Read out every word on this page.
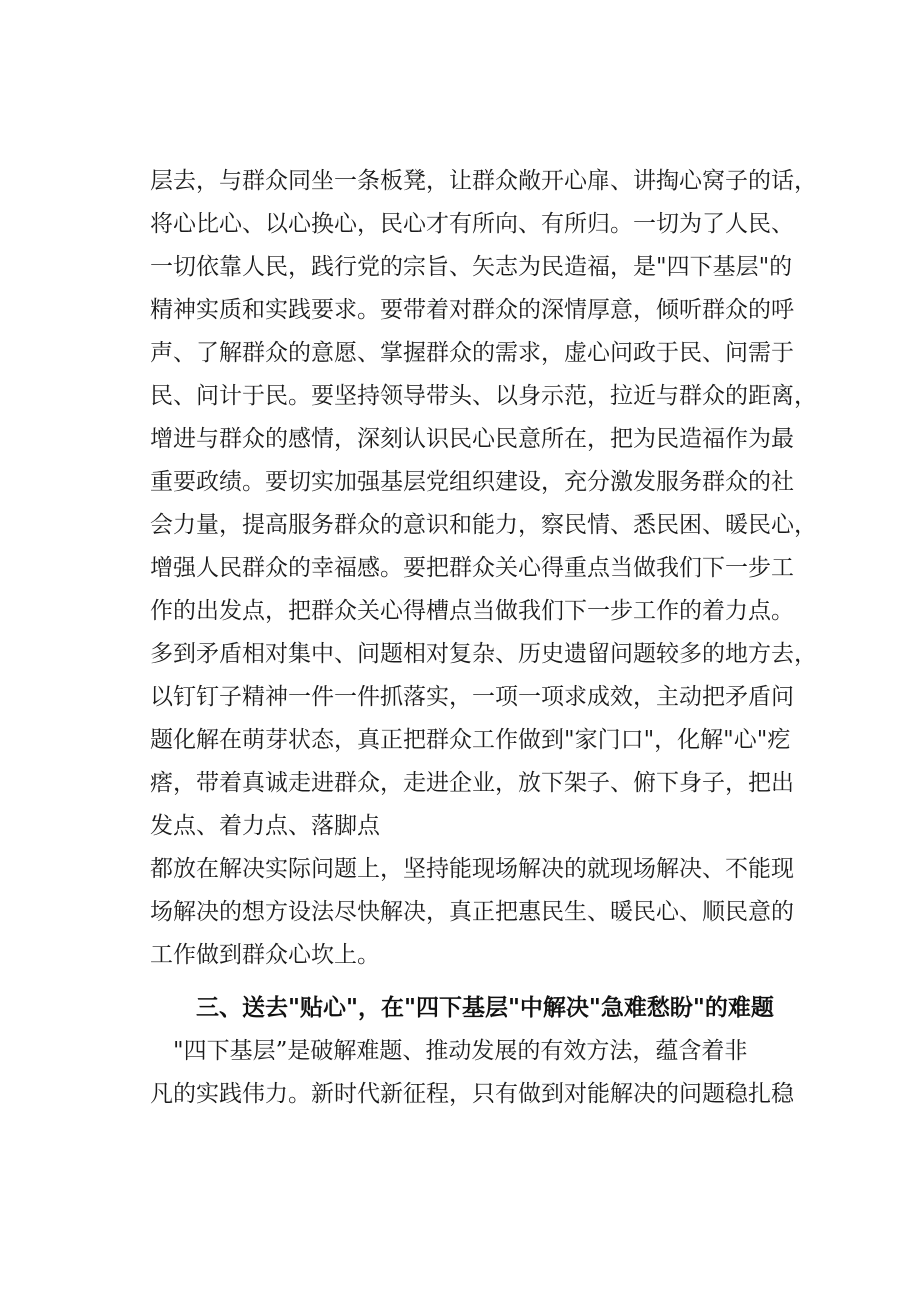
层去，与群众同坐一条板凳，让群众敞开心扉、讲掏心窝子的话，
将心比心、以心换心，民心才有所向、有所归。一切为了人民、
一切依靠人民，践行党的宗旨、矢志为民造福，是"四下基层"的
精神实质和实践要求。要带着对群众的深情厚意，倾听群众的呼
声、了解群众的意愿、掌握群众的需求，虚心问政于民、问需于
民、问计于民。要坚持领导带头、以身示范，拉近与群众的距离，
增进与群众的感情，深刻认识民心民意所在，把为民造福作为最
重要政绩。要切实加强基层党组织建设，充分激发服务群众的社
会力量，提高服务群众的意识和能力，察民情、悉民困、暖民心，
增强人民群众的幸福感。要把群众关心得重点当做我们下一步工
作的出发点，把群众关心得槽点当做我们下一步工作的着力点。
多到矛盾相对集中、问题相对复杂、历史遗留问题较多的地方去，
以钉钉子精神一件一件抓落实，一项一项求成效，主动把矛盾问
题化解在萌芽状态，真正把群众工作做到"家门口"，化解"心"疙
瘩，带着真诚走进群众，走进企业，放下架子、俯下身子，把出
发点、着力点、落脚点
都放在解决实际问题上，坚持能现场解决的就现场解决、不能现
场解决的想方设法尽快解决，真正把惠民生、暖民心、顺民意的
工作做到群众心坎上。
三、送去"贴心"，在"四下基层"中解决"急难愁盼"的难题
　"四下基层”是破解难题、推动发展的有效方法，蕴含着非
凡的实践伟力。新时代新征程，只有做到对能解决的问题稳扎稳
